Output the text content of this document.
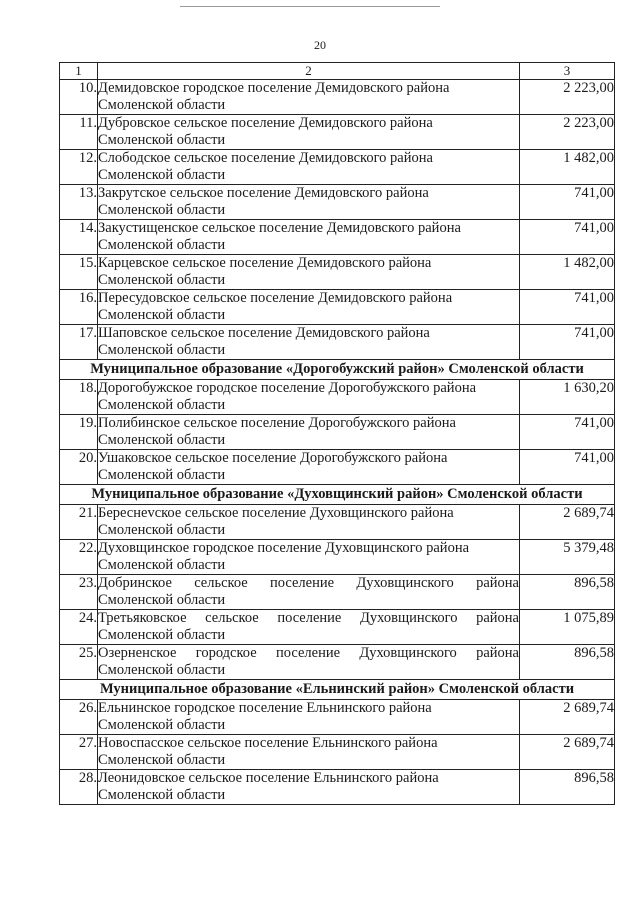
20
1	2	3
10.	Демидовское городское поселение Демидовского района
Смоленской области	2 223,00
11.	Дубровское сельское поселение Демидовского района
Смоленской области	2 223,00
12.	Слободское сельское поселение Демидовского района
Смоленской области	1 482,00
13.	Закрутское сельское поселение Демидовского района
Смоленской области	741,00
14.	Закустищенское сельское поселение Демидовского района
Смоленской области	741,00
15.	Карцевское сельское поселение Демидовского района
Смоленской области	1 482,00
16.	Пересудовское сельское поселение Демидовского района
Смоленской области	741,00
17.	Шаповское сельское поселение Демидовского района
Смоленской области	741,00
Муниципальное образование «Дорогобужский район» Смоленской области		
18.	Дорогобужское городское поселение Дорогобужского района
Смоленской области	1 630,20
19.	Полибинское сельское поселение Дорогобужского района
Смоленской области	741,00
20.	Ушаковское сельское поселение Дорогобужского района
Смоленской области	741,00
Муниципальное образование «Духовщинский район» Смоленской области		
21.	Береснevское сельское поселение Духовщинского района
Смоленской области	2 689,74
22.	Духовщинское городское поселение Духовщинского района
Смоленской области	5 379,48
23.	Добринское сельское поселение Духовщинского района
Смоленской области	896,58
24.	Третьяковское сельское поселение Духовщинского района
Смоленской области	1 075,89
25.	Озерненское городское поселение Духовщинского района
Смоленской области	896,58
Муниципальное образование «Ельнинский район» Смоленской области		
26.	Ельнинское городское поселение Ельнинского района
Смоленской области	2 689,74
27.	Новоспасское сельское поселение Ельнинского района
Смоленской области	2 689,74
28.	Леонидовское сельское поселение Ельнинского района
Смоленской области	896,58
